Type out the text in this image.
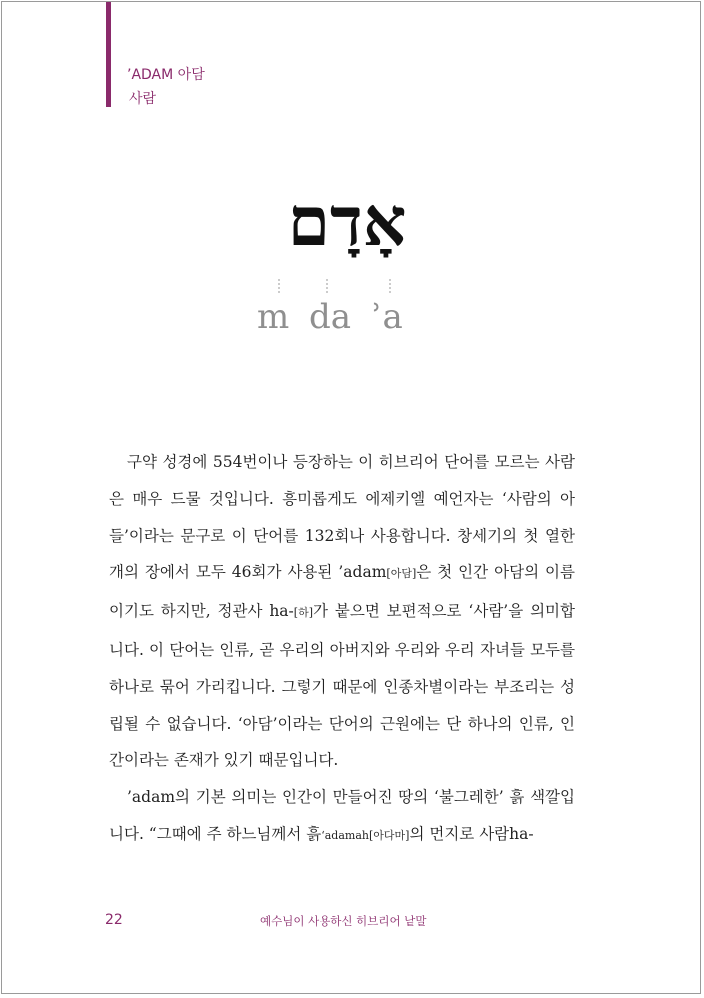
’ADAM 아담
사람
אָדָם
m da ʾa

구약 성경에 554번이나 등장하는 이 히브리어 단어를 모르는 사람은 매우 드물 것입니다. 흥미롭게도 에제키엘 예언자는 ‘사람의 아들’이라는 문구로 이 단어를 132회나 사용합니다. 창세기의 첫 열한 개의 장에서 모두 46회가 사용된 ’adam[아담]은 첫 인간 아담의 이름이기도 하지만, 정관사 ha-[하]가 붙으면 보편적으로 ‘사람’을 의미합니다. 이 단어는 인류, 곧 우리의 아버지와 우리와 우리 자녀들 모두를 하나로 묶어 가리킵니다. 그렇기 때문에 인종차별이라는 부조리는 성립될 수 없습니다. ‘아담’이라는 단어의 근원에는 단 하나의 인류, 인간이라는 존재가 있기 때문입니다.

’adam의 기본 의미는 인간이 만들어진 땅의 ‘불그레한’ 흙 색깔입니다. “그때에 주 하느님께서 흙‘adamah[아다마]의 먼지로 사람ha-

22	예수님이 사용하신 히브리어 낱말
